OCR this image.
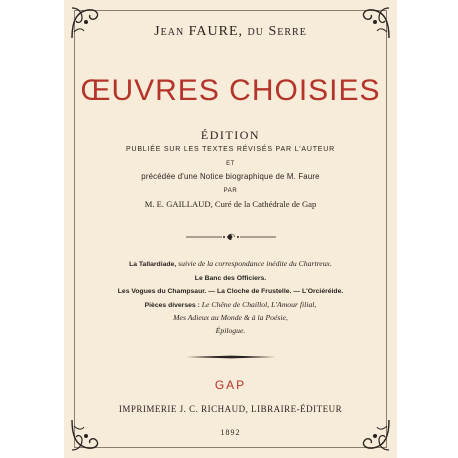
Jean FAURE, du Serre
ŒUVRES CHOISIES
ÉDITION
PUBLIÉE SUR LES TEXTES RÉVISÉS PAR L'AUTEUR
ET
précédée d'une Notice biographique de M. Faure
PAR
M. E. GAILLAUD, Curé de la Cathédrale de Gap
La Tallardiade, suivie de la correspondance inédite du Chartreux.
Le Banc des Officiers.
Les Vogues du Champsaur. — La Cloche de Frustelle. — L'Orciéréide.
Pièces diverses : Le Chêne de Chaillol, L'Amour filial,
Mes Adieux au Monde & à la Poésie,
Épilogue.
GAP
IMPRIMERIE J. C. RICHAUD, LIBRAIRE-ÉDITEUR
1892
